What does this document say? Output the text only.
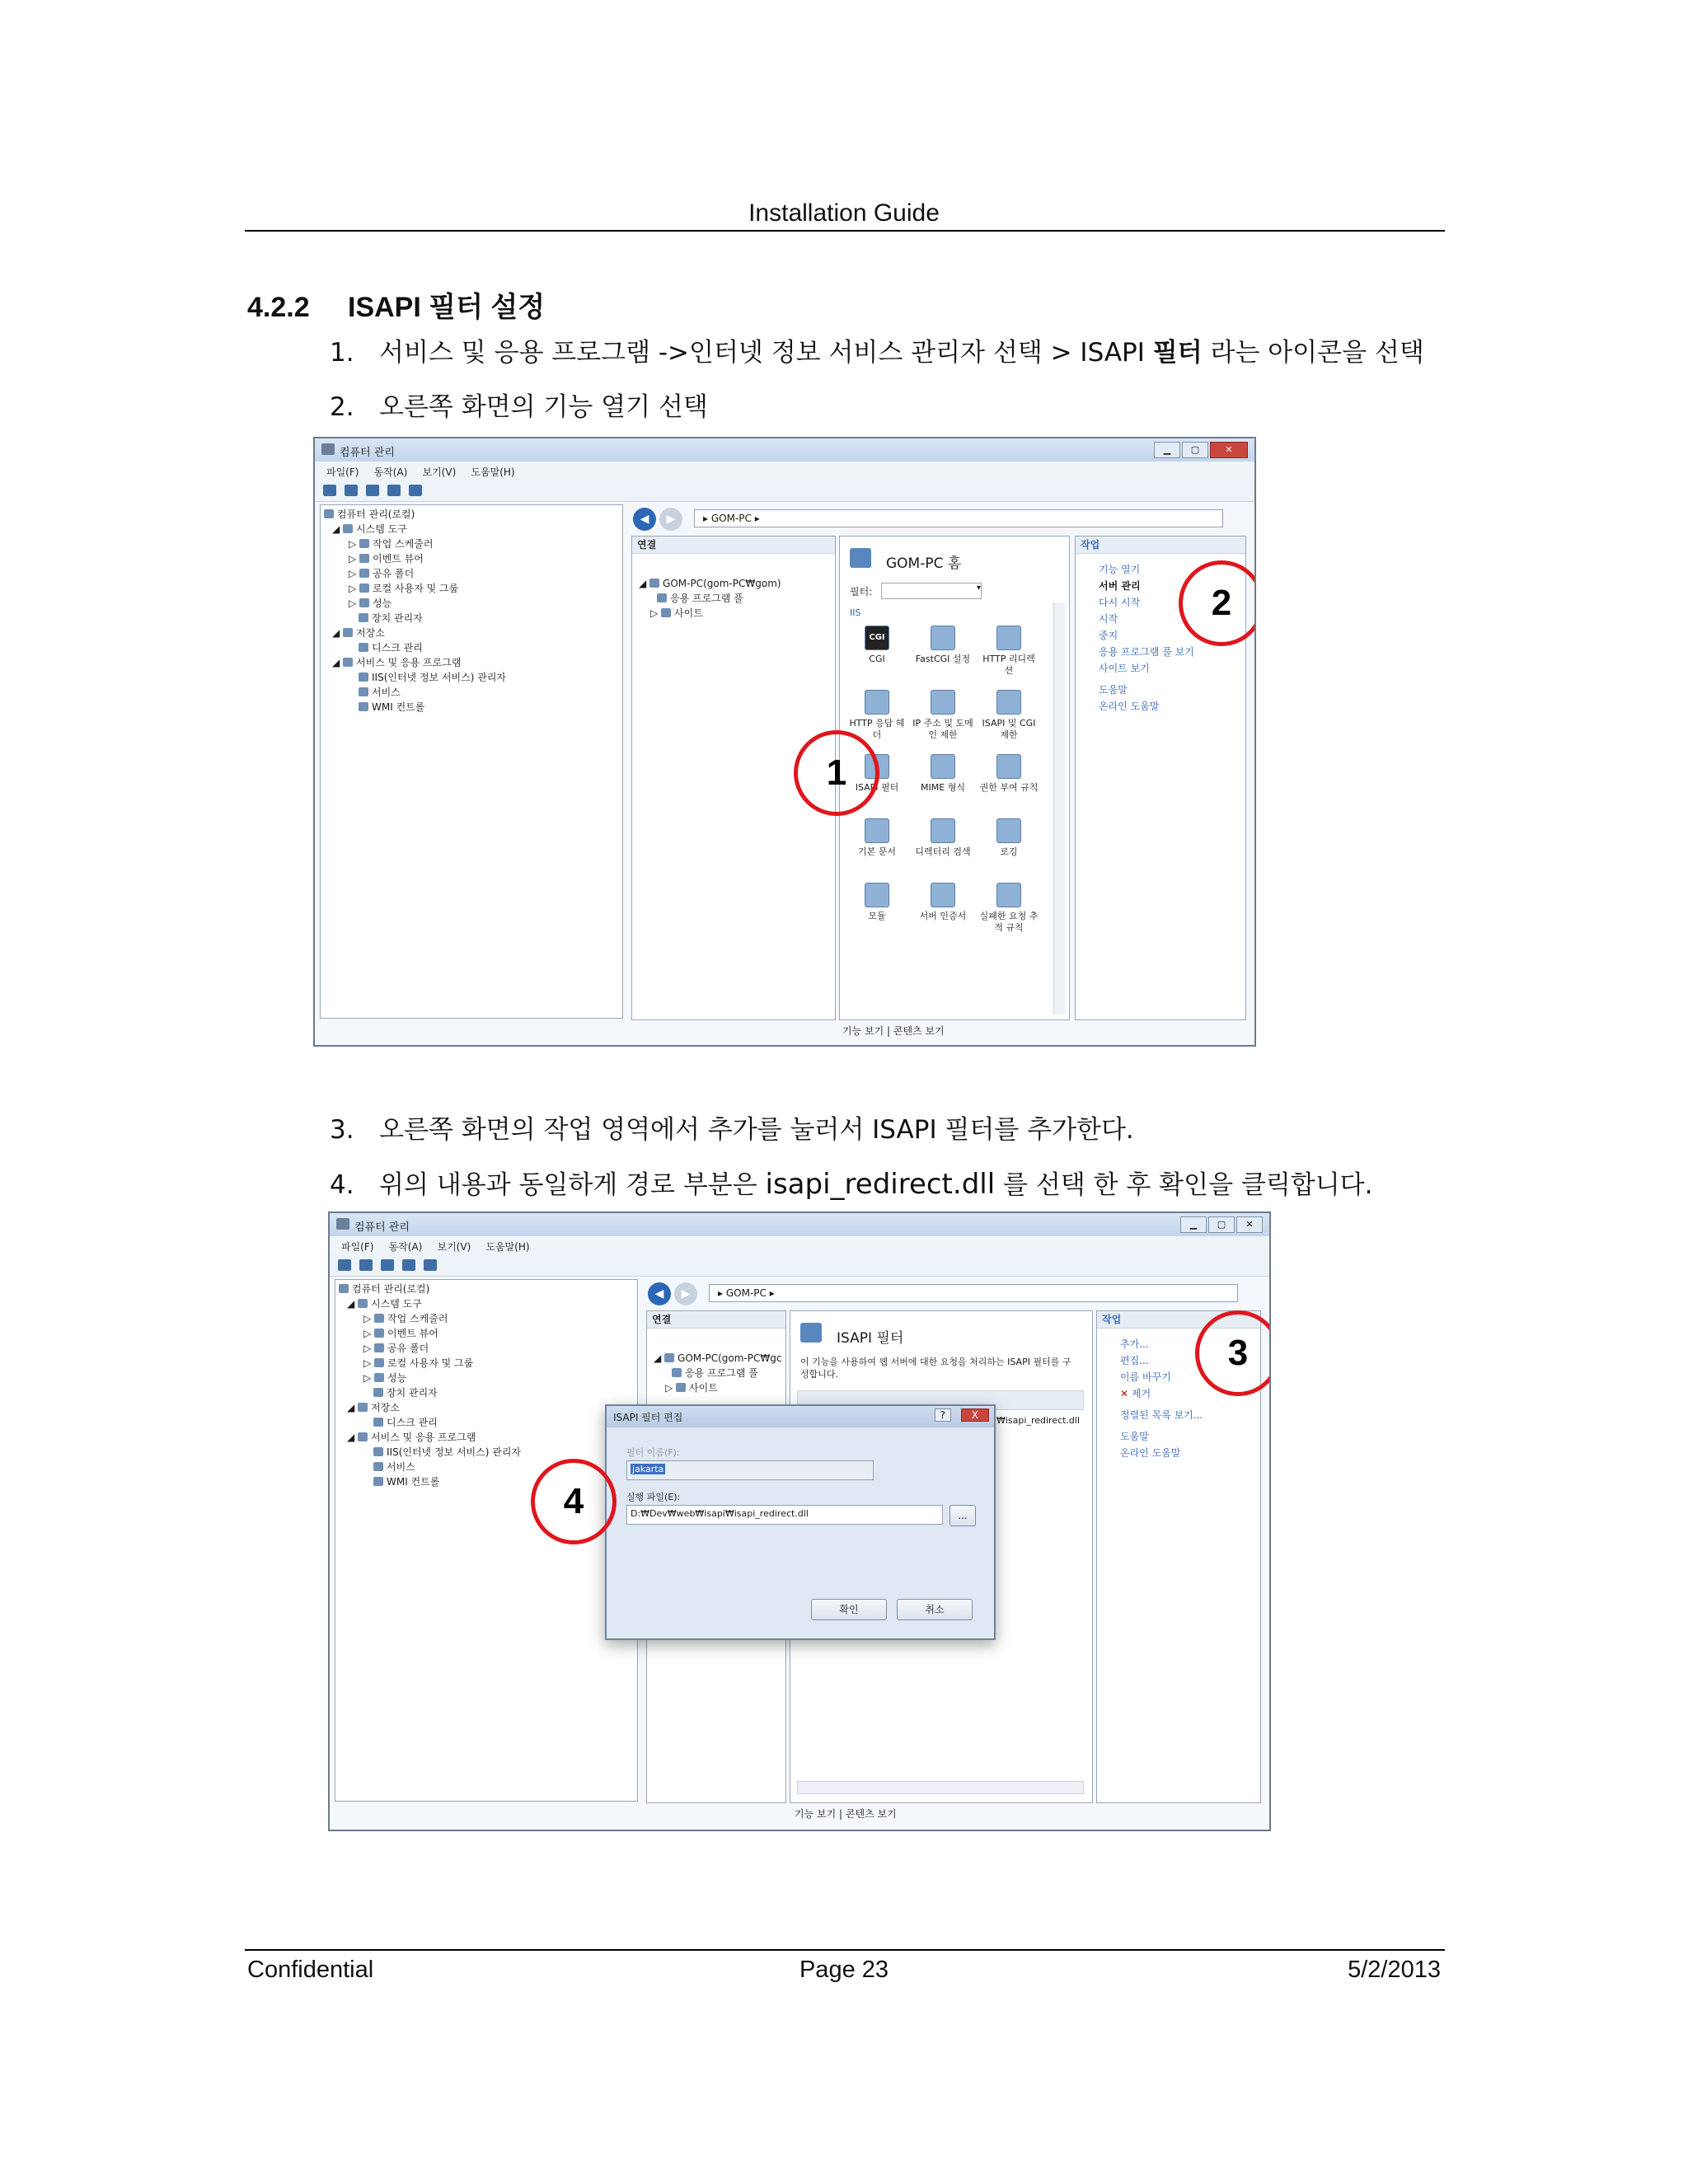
Installation Guide
4.2.2 ISAPI 필터 설정
1. 서비스 및 응용 프로그램 ->인터넷 정보 서비스 관리자 선택 > ISAPI 필터 라는 아이콘을 선택
2. 오른쪽 화면의 기능 열기 선택
컴퓨터 관리	▁	▢	✕
파일(F) 동작(A) 보기(V) 도움말(H)
컴퓨터 관리(로컬)
◢ 시스템 도구
▷ 작업 스케줄러
▷ 이벤트 뷰어
▷ 공유 폴더
▷ 로컬 사용자 및 그룹
▷ 성능
장치 관리자
◢ 저장소
디스크 관리
◢ 서비스 및 응용 프로그램
IIS(인터넷 정보 서비스) 관리자
서비스
WMI 컨트롤
◀	▶	▸ GOM-PC ▸
연결
◢ GOM-PC(gom-PC₩gom)
응용 프로그램 풀
▷ 사이트
GOM-PC 홈
필터:	▾
IIS
CGI
CGI	FastCGI 설정	HTTP 리디렉션
HTTP 응답 헤더
IP 주소 및 도메인 제한
ISAPI 및 CGI 제한
ISAPI 필터	MIME 형식	권한 부여 규칙
기본 문서	디렉터리 검색	로깅
모듈	서버 인증서	실패한 요청 추적 규칙
기능 보기 | 콘텐츠 보기
작업
기능 열기
서버 관리
다시 시작
시작
중지
응용 프로그램 풀 보기
사이트 보기
도움말
온라인 도움말
1
2
3. 오른쪽 화면의 작업 영역에서 추가를 눌러서 ISAPI 필터를 추가한다.
4. 위의 내용과 동일하게 경로 부분은 isapi_redirect.dll 를 선택 한 후 확인을 클릭합니다.
컴퓨터 관리	▁	▢	✕
파일(F) 동작(A) 보기(V) 도움말(H)
컴퓨터 관리(로컬)
◢ 시스템 도구
▷ 작업 스케줄러
▷ 이벤트 뷰어
▷ 공유 폴더
▷ 로컬 사용자 및 그룹
▷ 성능
장치 관리자
◢ 저장소
디스크 관리
◢ 서비스 및 응용 프로그램
IIS(인터넷 정보 서비스) 관리자
서비스
WMI 컨트롤
◀	▶	▸ GOM-PC ▸
연결
◢ GOM-PC(gom-PC₩gc
응용 프로그램 풀
▷ 사이트
ISAPI 필터
이 기능을 사용하여 웹 서버에 대한 요청을 처리하는 ISAPI 필터를 구성합니다.
₩isapi_redirect.dll
기능 보기 | 콘텐츠 보기
작업
추가...
편집...
이름 바꾸기
✕ 제거
정렬된 목록 보기...
도움말
온라인 도움말
ISAPI 필터 편집	?	X
필터 이름(F):
jakarta
실행 파일(E):
D:₩Dev₩web₩isapi₩isapi_redirect.dll	...
확인	취소
4
3
Confidential	Page 23	5/2/2013
